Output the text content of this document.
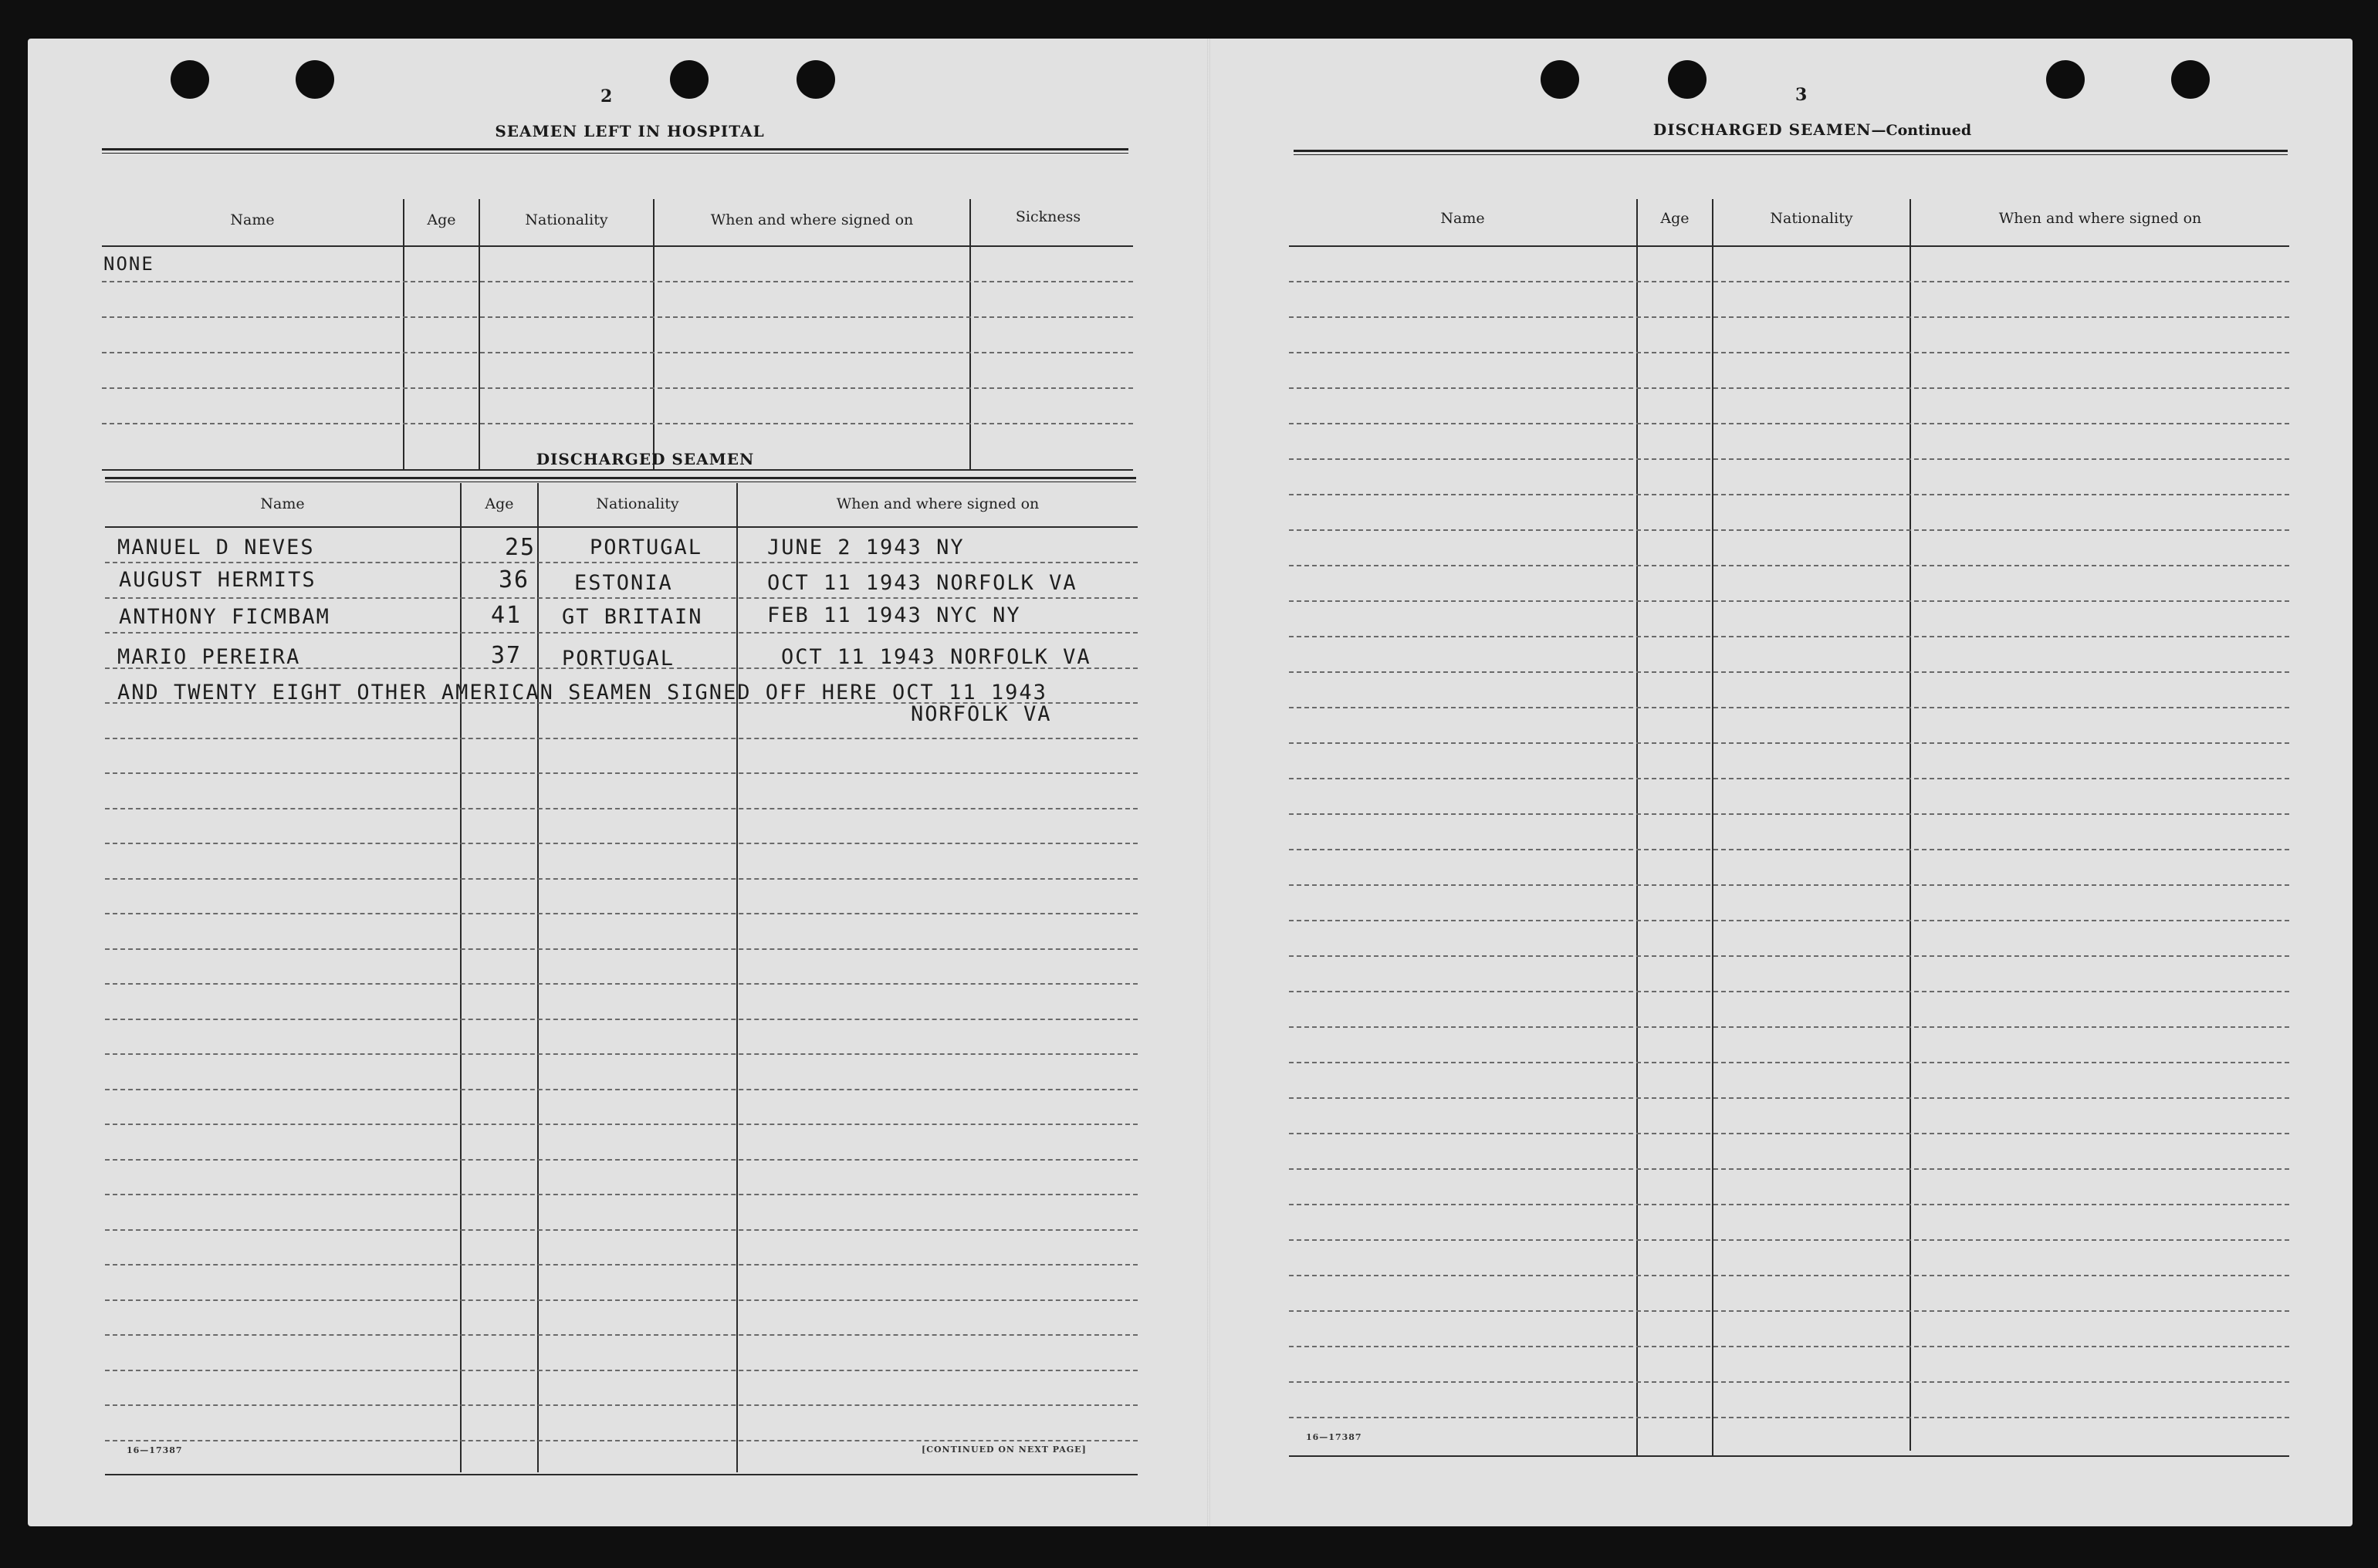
2
SEAMEN LEFT IN HOSPITAL
Name	Age	Nationality	When and where signed on	Sickness
NONE
DISCHARGED SEAMEN
Name	Age	Nationality	When and where signed on
MANUEL D NEVES	25	PORTUGAL	JUNE 2 1943 NY
AUGUST HERMITS	36 ESTONIA	OCT 11 1943 NORFOLK VA
ANTHONY FICMBAM	41 GT BRITAIN	FEB 11 1943 NYC NY
MARIO PEREIRA	37 PORTUGAL	OCT 11 1943 NORFOLK VA
AND TWENTY EIGHT OTHER AMERICAN SEAMEN SIGNED OFF HERE OCT 11 1943
NORFOLK VA
16—17387	[CONTINUED ON NEXT PAGE]
3
DISCHARGED SEAMEN—Continued
Name	Age	Nationality	When and where signed on
16—17387
